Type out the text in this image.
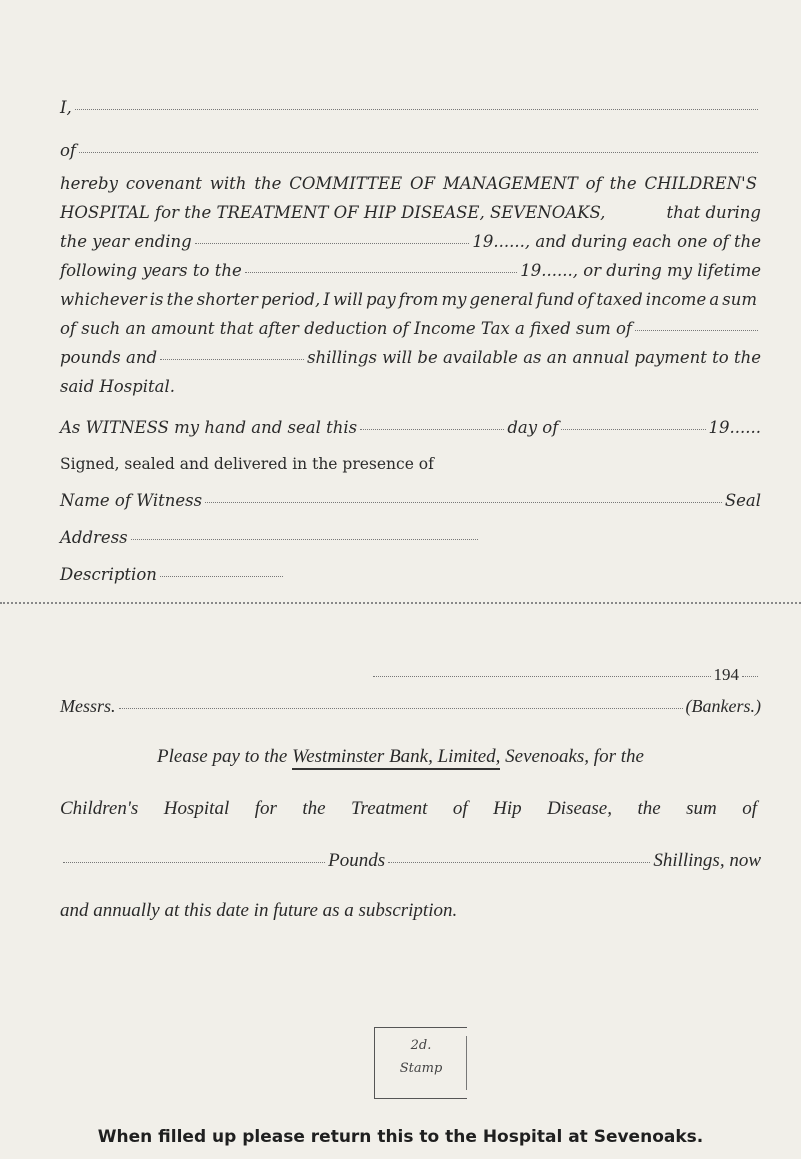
I,
of
hereby covenant with the COMMITTEE OF MANAGEMENT of the CHILDREN'S
HOSPITAL for the TREATMENT OF HIP DISEASE, SEVENOAKS,	that during
the year ending	19......, and during each one of the
following years to the	19......, or during my lifetime
whichever is the shorter period, I will pay from my general fund of taxed income a sum
of such an amount that after deduction of Income Tax a fixed sum of
pounds and	shillings will be available as an annual payment to the
said Hospital.
As WITNESS my hand and seal this	day of	19......
Signed, sealed and delivered in the presence of
Name of Witness	Seal
Address
Description
194
Messrs.	(Bankers.)
Please pay to the
Westminster Bank, Limited,
Sevenoaks, for the
Children's Hospital for the Treatment of Hip Disease, the sum of
Pounds	Shillings, now
and annually at this date in future as a subscription.
2d.
Stamp
When filled up please return this to the Hospital at Sevenoaks.
